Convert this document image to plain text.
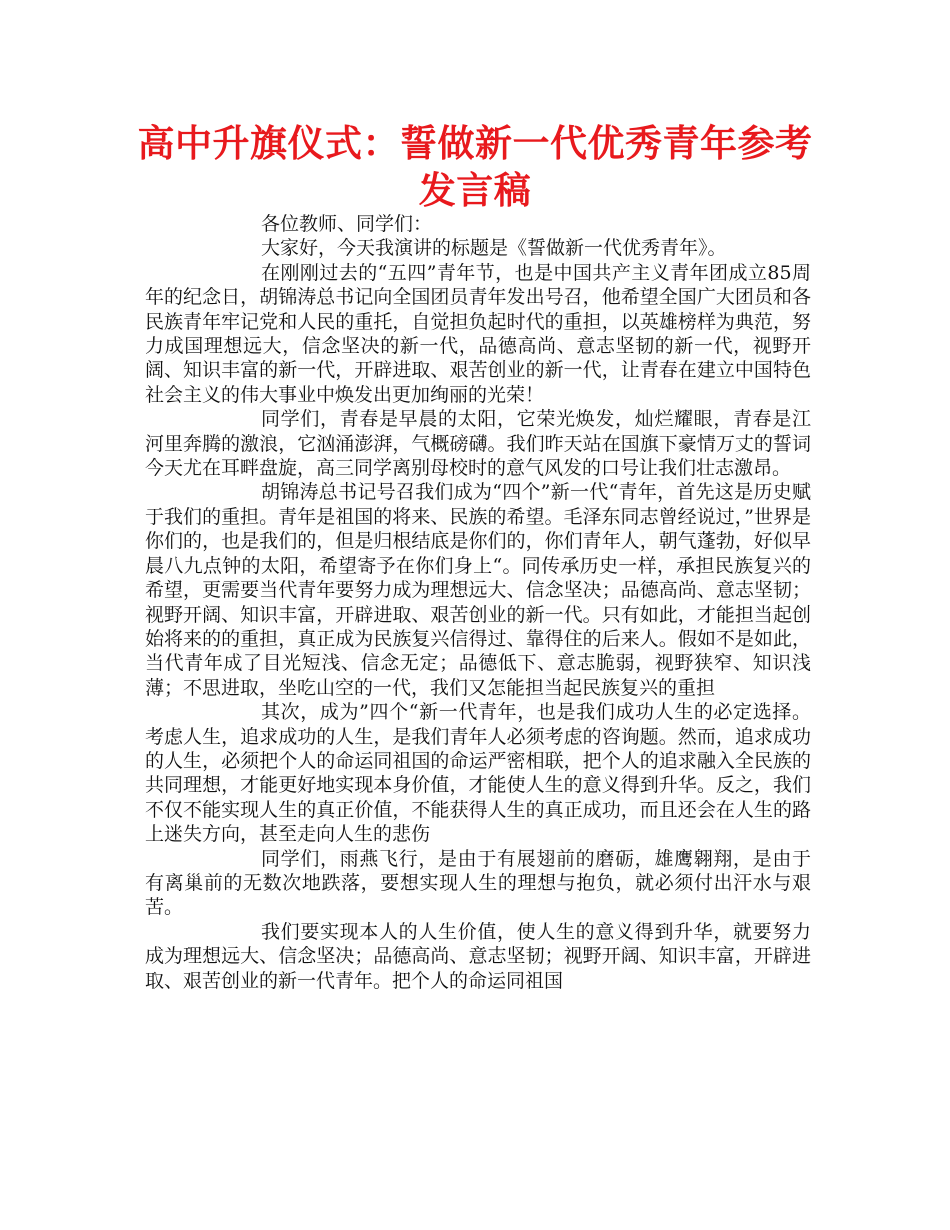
高中升旗仪式：誓做新一代优秀青年参考发言稿

各位教师、同学们：

大家好，今天我演讲的标题是《誓做新一代优秀青年》。

在刚刚过去的“五四”青年节，也是中国共产主义青年团成立85周年的纪念日，胡锦涛总书记向全国团员青年发出号召，他希望全国广大团员和各民族青年牢记党和人民的重托，自觉担负起时代的重担，以英雄榜样为典范，努力成国理想远大，信念坚决的新一代，品德高尚、意志坚韧的新一代，视野开阔、知识丰富的新一代，开辟进取、艰苦创业的新一代，让青春在建立中国特色社会主义的伟大事业中焕发出更加绚丽的光荣！

同学们，青春是早晨的太阳，它荣光焕发，灿烂耀眼，青春是江河里奔腾的激浪，它汹涌澎湃，气概磅礴。我们昨天站在国旗下豪情万丈的誓词今天尤在耳畔盘旋，高三同学离别母校时的意气风发的口号让我们壮志激昂。

胡锦涛总书记号召我们成为“四个”新一代“青年，首先这是历史赋于我们的重担。青年是祖国的将来、民族的希望。毛泽东同志曾经说过，”世界是你们的，也是我们的，但是归根结底是你们的，你们青年人，朝气蓬勃，好似早晨八九点钟的太阳，希望寄予在你们身上“。同传承历史一样，承担民族复兴的希望，更需要当代青年要努力成为理想远大、信念坚决；品德高尚、意志坚韧；视野开阔、知识丰富，开辟进取、艰苦创业的新一代。只有如此，才能担当起创始将来的的重担，真正成为民族复兴信得过、靠得住的后来人。假如不是如此，当代青年成了目光短浅、信念无定；品德低下、意志脆弱，视野狭窄、知识浅薄；不思进取，坐吃山空的一代，我们又怎能担当起民族复兴的重担

其次，成为”四个“新一代青年，也是我们成功人生的必定选择。考虑人生，追求成功的人生，是我们青年人必须考虑的咨询题。然而，追求成功的人生，必须把个人的命运同祖国的命运严密相联，把个人的追求融入全民族的共同理想，才能更好地实现本身价值，才能使人生的意义得到升华。反之，我们不仅不能实现人生的真正价值，不能获得人生的真正成功，而且还会在人生的路上迷失方向，甚至走向人生的悲伤

同学们，雨燕飞行，是由于有展翅前的磨砺，雄鹰翱翔，是由于有离巢前的无数次地跌落，要想实现人生的理想与抱负，就必须付出汗水与艰苦。

我们要实现本人的人生价值，使人生的意义得到升华，就要努力成为理想远大、信念坚决；品德高尚、意志坚韧；视野开阔、知识丰富，开辟进取、艰苦创业的新一代青年。把个人的命运同祖国
